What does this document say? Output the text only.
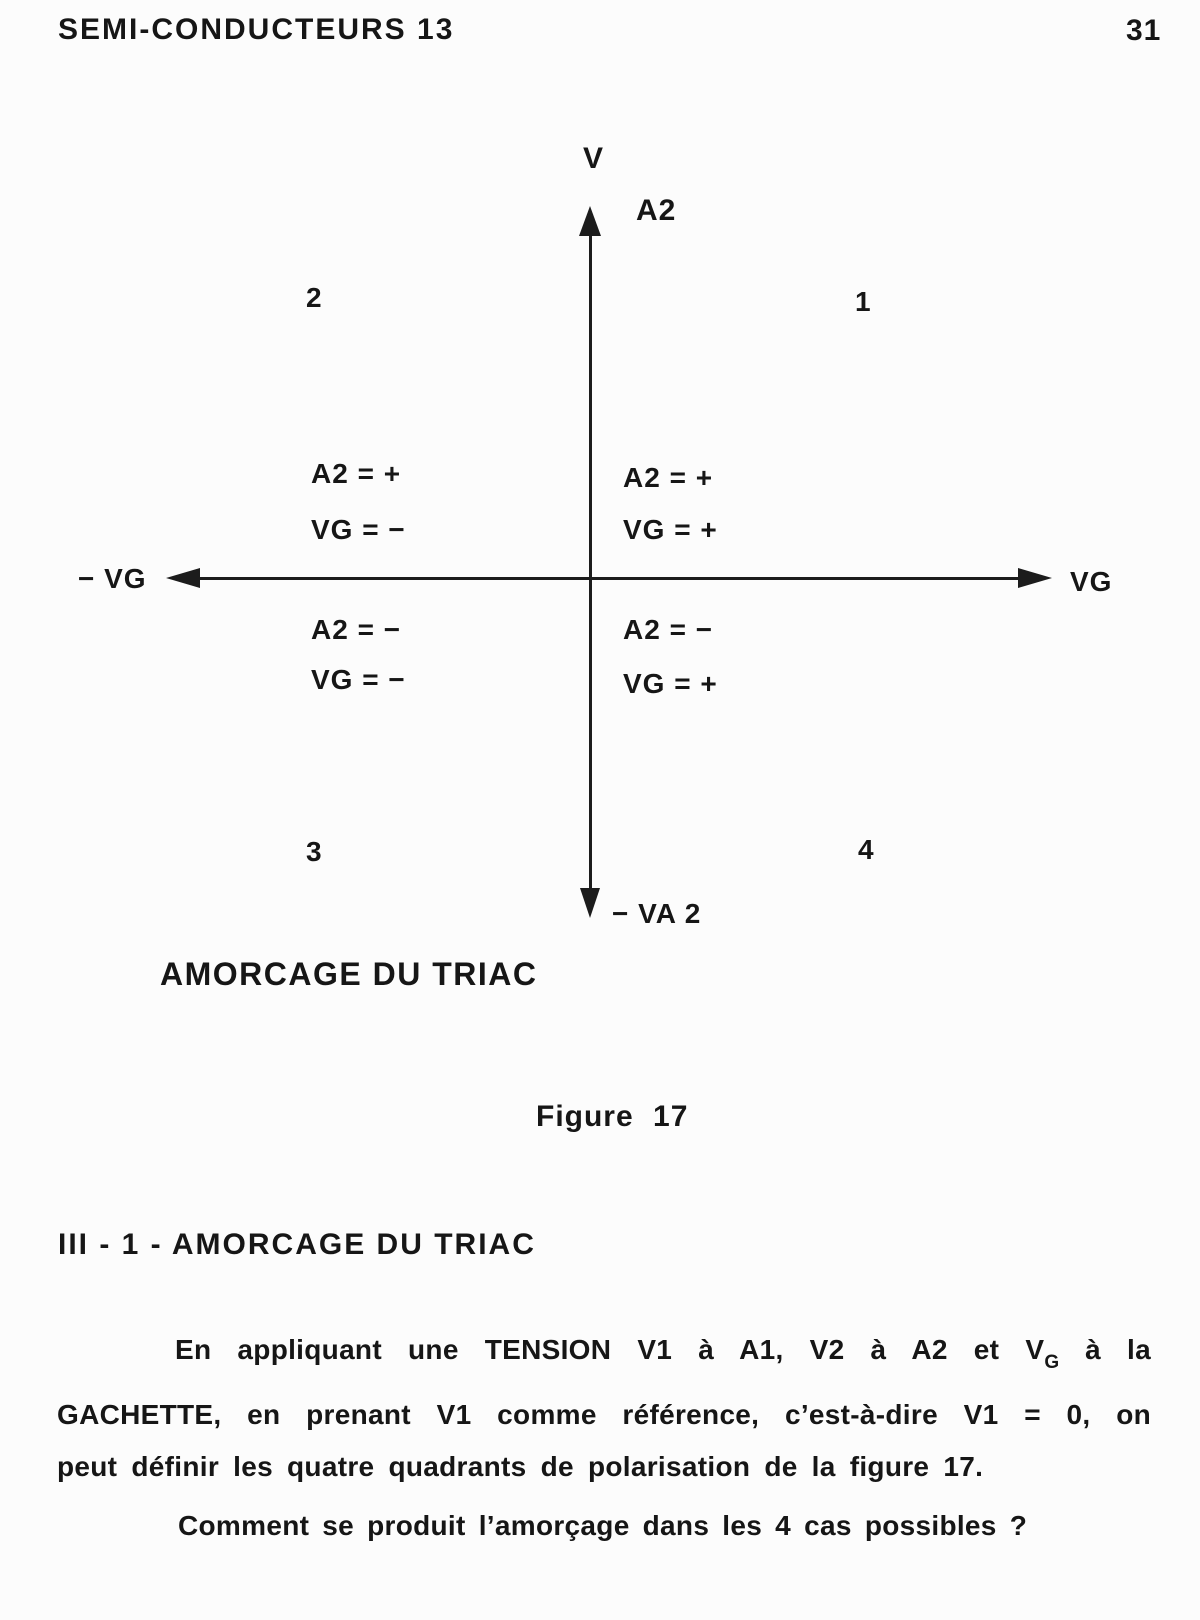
SEMI-CONDUCTEURS 13	31
V
A2
− VG	VG
− VA 2
2	1
3	4
A2 = +
VG = −
A2 = +
VG = +
A2 = −
VG = −
A2 = −
VG = +
AMORCAGE DU TRIAC
Figure 17
III - 1 - AMORCAGE DU TRIAC
En appliquant une TENSION V1 à A1, V2 à A2 et $V_G$ à la
GACHETTE, en prenant V1 comme référence, c’est-à-dire V1 = 0, on
peut définir les quatre quadrants de polarisation de la figure 17.
Comment se produit l’amorçage dans les 4 cas possibles ?
